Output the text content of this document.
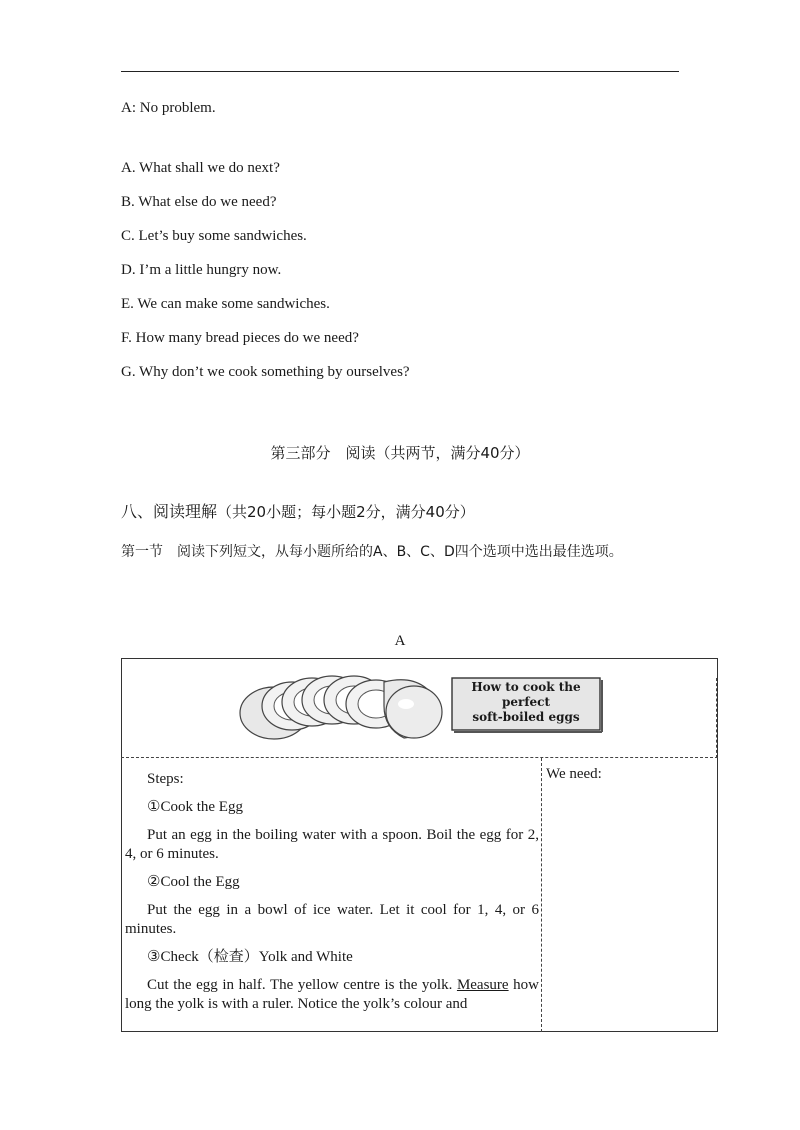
A: No problem.
A. What shall we do next?
B. What else do we need?
C. Let’s buy some sandwiches.
D. I’m a little hungry now.
E. We can make some sandwiches.
F. How many bread pieces do we need?
G. Why don’t we cook something by ourselves?
第三部分　阅读（共两节，满分40分）
八、阅读理解（共20小题；每小题2分，满分40分）
第一节　阅读下列短文，从每小题所给的A、B、C、D四个选项中选出最佳选项。
A
How to cook the
perfect
soft-boiled eggs

Steps:

①Cook the Egg

Put an egg in the boiling water with a spoon. Boil the egg for 2, 4, or 6 minutes.

②Cool the Egg

Put the egg in a bowl of ice water. Let it cool for 1, 4, or 6 minutes.

③Check（检查）Yolk and White

Cut the egg in half. The yellow centre is the yolk. Measure how long the yolk is with a ruler. Notice the yolk’s colour and

We need:
